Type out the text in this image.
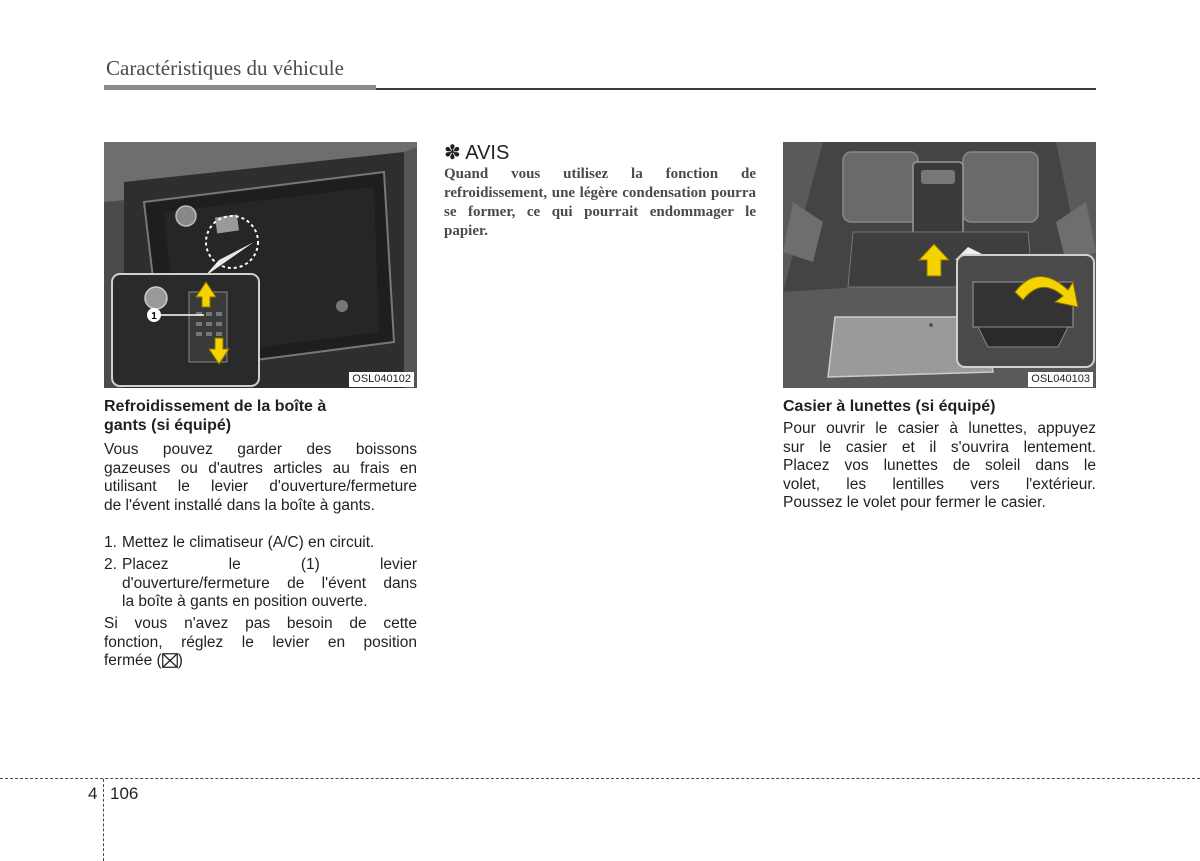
Caractéristiques du véhicule
1
OSL040102
Refroidissement de la boîte à
gants (si équipé)
Vous pouvez garder des boissons
gazeuses ou d'autres articles au frais en
utilisant le levier d'ouverture/fermeture
de l'évent installé dans la boîte à gants.
1. Mettez le climatiseur (A/C) en circuit.
2. Placez le (1) levier
d'ouverture/fermeture de l'évent dans
la boîte à gants en position ouverte.
Si vous n'avez pas besoin de cette
fonction, réglez le levier en position
fermée ( )
✽ AVIS
Quand vous utilisez la fonction de refroidissement, une légère condensation pourra se former, ce qui pourrait endommager le papier.
OSL040103
Casier à lunettes (si équipé)
Pour ouvrir le casier à lunettes, appuyez
sur le casier et il s'ouvrira lentement.
Placez vos lunettes de soleil dans le
volet, les lentilles vers l'extérieur.
Poussez le volet pour fermer le casier.
4 106
